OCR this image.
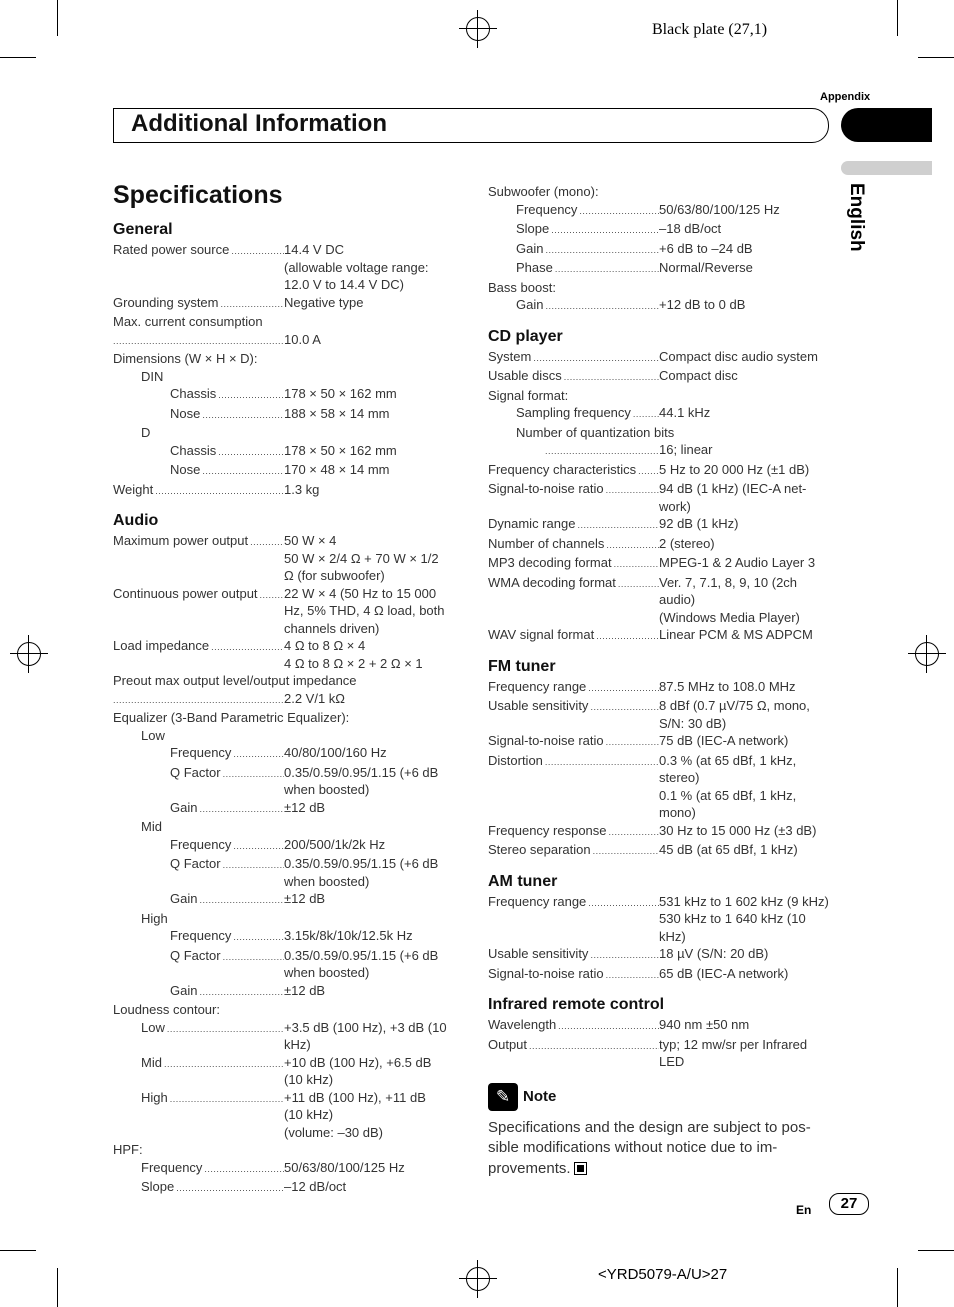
Black plate (27,1)
Appendix
Additional Information
English
Specifications
General
Rated power source .....	14.4 V DC
(allowable voltage range:
12.0 V to 14.4 V DC)
Grounding system .....	Negative type
Max. current consumption
.....
10.0 A
Dimensions (W × H × D):
DIN
Chassis .....	178 × 50 × 162 mm
Nose .....	188 × 58 × 14 mm
D
Chassis .....	178 × 50 × 162 mm
Nose .....	170 × 48 × 14 mm
Weight .....	1.3 kg
Audio
Maximum power output .....	50 W × 4
50 W × 2/4 Ω + 70 W × 1/2
Ω (for subwoofer)
Continuous power output ..... 22 W × 4 (50 Hz to 15 000
Hz, 5% THD, 4 Ω load, both
channels driven)
Load impedance .....	4 Ω to 8 Ω × 4
4 Ω to 8 Ω × 2 + 2 Ω × 1
Preout max output level/output impedance
.....
2.2 V/1 kΩ
Equalizer (3-Band Parametric Equalizer):
Low
Frequency .....	40/80/100/160 Hz
Q Factor .....	0.35/0.59/0.95/1.15 (+6 dB
when boosted)
Gain .....	±12 dB
Mid
Frequency .....	200/500/1k/2k Hz
Q Factor .....	0.35/0.59/0.95/1.15 (+6 dB
when boosted)
Gain .....	±12 dB
High
Frequency .....	3.15k/8k/10k/12.5k Hz
Q Factor .....	0.35/0.59/0.95/1.15 (+6 dB
when boosted)
Gain .....	±12 dB
Loudness contour:
Low .....	+3.5 dB (100 Hz), +3 dB (10
kHz)
Mid .....	+10 dB (100 Hz), +6.5 dB
(10 kHz)
High .....	+11 dB (100 Hz), +11 dB
(10 kHz)
(volume: –30 dB)
HPF:
Frequency .....	50/63/80/100/125 Hz
Slope .....	–12 dB/oct
Subwoofer (mono):
Frequency .....	50/63/80/100/125 Hz
Slope .....	–18 dB/oct
Gain .....	+6 dB to –24 dB
Phase .....	Normal/Reverse
Bass boost:
Gain .....	+12 dB to 0 dB
CD player
System .....	Compact disc audio system
Usable discs .....	Compact disc
Signal format:
Sampling frequency ..... 44.1 kHz
Number of quantization bits
.....
16; linear
Frequency characteristics ..... 5 Hz to 20 000 Hz (±1 dB)
Signal-to-noise ratio .....	94 dB (1 kHz) (IEC-A net-
work)
Dynamic range .....	92 dB (1 kHz)
Number of channels .....	2 (stereo)
MP3 decoding format .....	MPEG-1 & 2 Audio Layer 3
WMA decoding format .....	Ver. 7, 7.1, 8, 9, 10 (2ch
audio)
(Windows Media Player)
WAV signal format .....	Linear PCM & MS ADPCM
FM tuner
Frequency range .....	87.5 MHz to 108.0 MHz
Usable sensitivity .....	8 dBf (0.7 µV/75 Ω, mono,
S/N: 30 dB)
Signal-to-noise ratio .....	75 dB (IEC-A network)
Distortion .....	0.3 % (at 65 dBf, 1 kHz,
stereo)
0.1 % (at 65 dBf, 1 kHz,
mono)
Frequency response .....	30 Hz to 15 000 Hz (±3 dB)
Stereo separation .....	45 dB (at 65 dBf, 1 kHz)
AM tuner
Frequency range .....	531 kHz to 1 602 kHz (9 kHz)
530 kHz to 1 640 kHz (10
kHz)
Usable sensitivity .....	18 µV (S/N: 20 dB)
Signal-to-noise ratio .....	65 dB (IEC-A network)
Infrared remote control
Wavelength .....	940 nm ±50 nm
Output .....	typ; 12 mw/sr per Infrared
LED
✎ Note
Specifications and the design are subject to pos-sible modifications without notice due to im-provements.
En	27
<YRD5079-A/U>27
